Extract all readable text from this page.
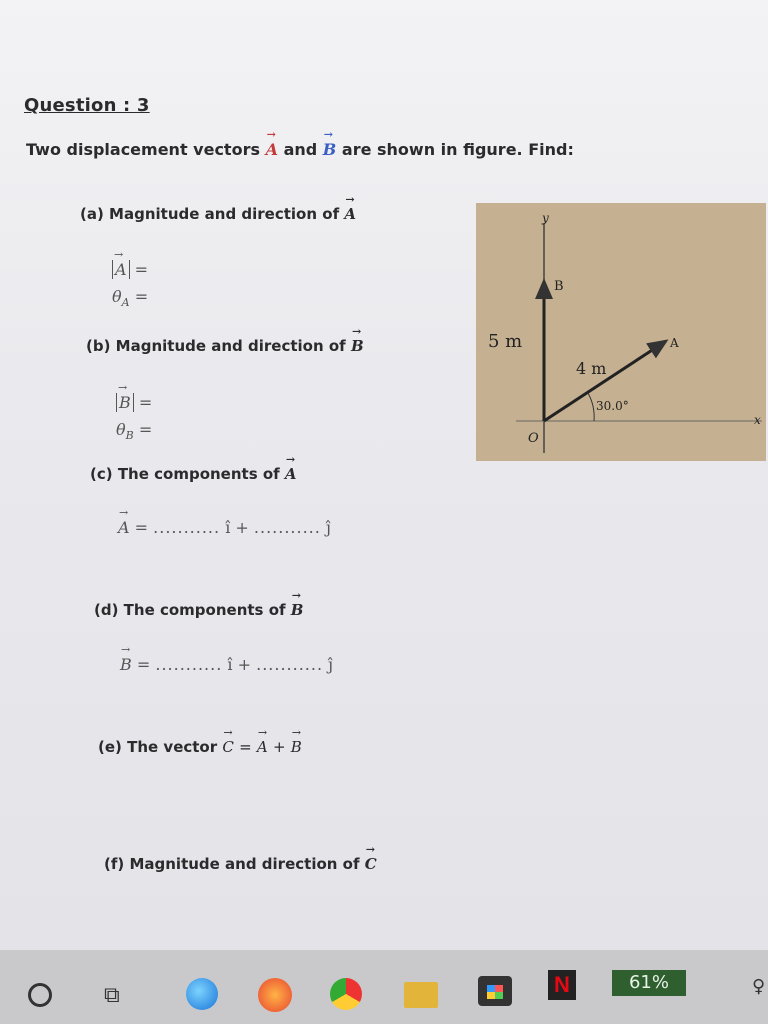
Question : 3
Two displacement vectors → A and → B are shown in figure. Find:
(a) Magnitude and direction of → A
→ A =
$\theta_A$ =
(b) Magnitude and direction of → B
→ B =
$\theta_B$ =
(c) The components of → A
→ A = ........... î + ........... ĵ
(d) The components of → B
→ B = ........... î + ........... ĵ
(e) The vector → C = → A + → B
(f) Magnitude and direction of → C
y
x
O
B
A
5 m
4 m
30.0°
⧉	N	61%	♀
